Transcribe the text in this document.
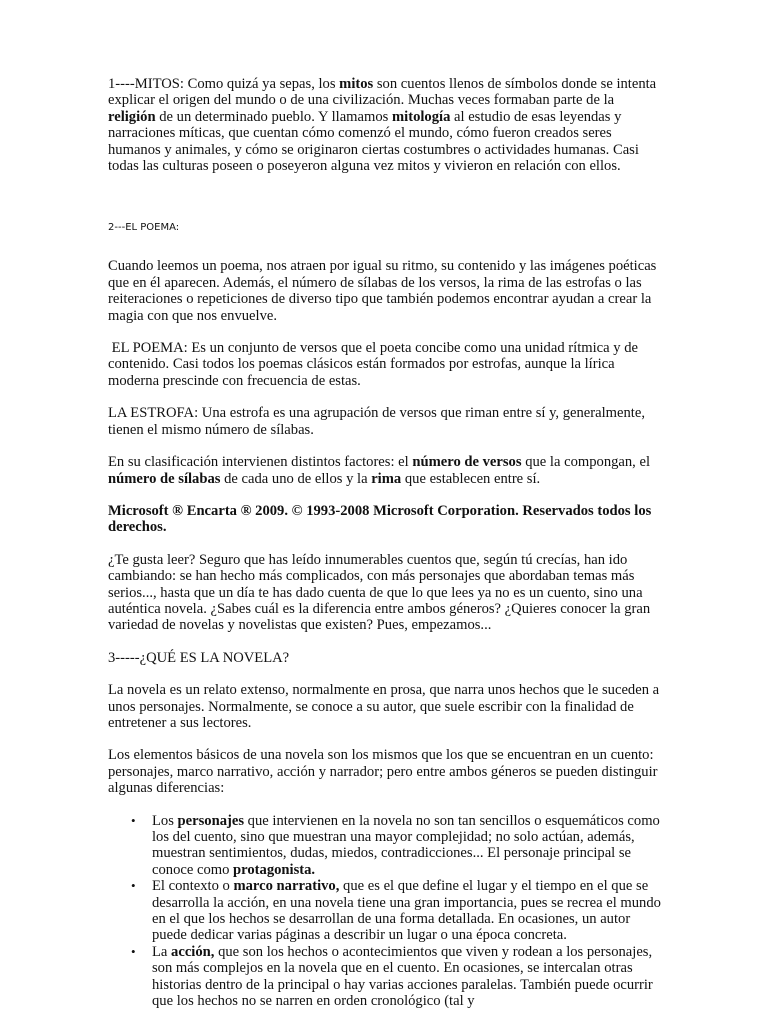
1----MITOS: Como quizá ya sepas, los mitos son cuentos llenos de símbolos donde se intenta explicar el origen del mundo o de una civilización. Muchas veces formaban parte de la religión de un determinado pueblo. Y llamamos mitología al estudio de esas leyendas y narraciones míticas, que cuentan cómo comenzó el mundo, cómo fueron creados seres humanos y animales, y cómo se originaron ciertas costumbres o actividades humanas. Casi todas las culturas poseen o poseyeron alguna vez mitos y vivieron en relación con ellos.

2---EL POEMA:

Cuando leemos un poema, nos atraen por igual su ritmo, su contenido y las imágenes poéticas que en él aparecen. Además, el número de sílabas de los versos, la rima de las estrofas o las reiteraciones o repeticiones de diverso tipo que también podemos encontrar ayudan a crear la magia con que nos envuelve.

EL POEMA: Es un conjunto de versos que el poeta concibe como una unidad rítmica y de contenido. Casi todos los poemas clásicos están formados por estrofas, aunque la lírica moderna prescinde con frecuencia de estas.

LA ESTROFA: Una estrofa es una agrupación de versos que riman entre sí y, generalmente, tienen el mismo número de sílabas.

En su clasificación intervienen distintos factores: el número de versos que la compongan, el número de sílabas de cada uno de ellos y la rima que establecen entre sí.

Microsoft ® Encarta ® 2009. © 1993-2008 Microsoft Corporation. Reservados todos los derechos.

¿Te gusta leer? Seguro que has leído innumerables cuentos que, según tú crecías, han ido cambiando: se han hecho más complicados, con más personajes que abordaban temas más serios..., hasta que un día te has dado cuenta de que lo que lees ya no es un cuento, sino una auténtica novela. ¿Sabes cuál es la diferencia entre ambos géneros? ¿Quieres conocer la gran variedad de novelas y novelistas que existen? Pues, empezamos...

3-----¿QUÉ ES LA NOVELA?

La novela es un relato extenso, normalmente en prosa, que narra unos hechos que le suceden a unos personajes. Normalmente, se conoce a su autor, que suele escribir con la finalidad de entretener a sus lectores.

Los elementos básicos de una novela son los mismos que los que se encuentran en un cuento: personajes, marco narrativo, acción y narrador; pero entre ambos géneros se pueden distinguir algunas diferencias:

• Los personajes que intervienen en la novela no son tan sencillos o esquemáticos como los del cuento, sino que muestran una mayor complejidad; no solo actúan, además, muestran sentimientos, dudas, miedos, contradicciones... El personaje principal se conoce como protagonista.
• El contexto o marco narrativo, que es el que define el lugar y el tiempo en el que se desarrolla la acción, en una novela tiene una gran importancia, pues se recrea el mundo en el que los hechos se desarrollan de una forma detallada. En ocasiones, un autor puede dedicar varias páginas a describir un lugar o una época concreta.
• La acción, que son los hechos o acontecimientos que viven y rodean a los personajes, son más complejos en la novela que en el cuento. En ocasiones, se intercalan otras historias dentro de la principal o hay varias acciones paralelas. También puede ocurrir que los hechos no se narren en orden cronológico (tal y
